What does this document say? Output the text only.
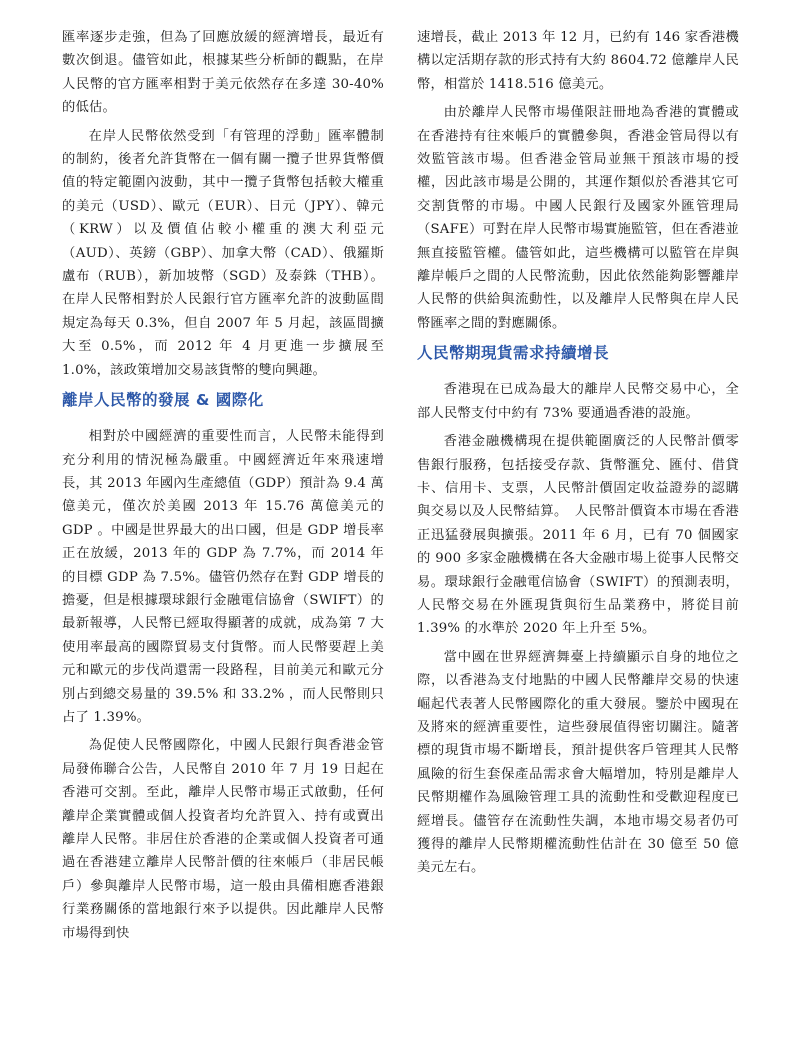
匯率逐步走強，但為了回應放緩的經濟增長，最近有數次倒退。儘管如此，根據某些分析師的觀點，在岸人民幣的官方匯率相對于美元依然存在多達 30-40% 的低估。

在岸人民幣依然受到「有管理的浮動」匯率體制的制約，後者允許貨幣在一個有關一攬子世界貨幣價值的特定範圍內波動，其中一攬子貨幣包括較大權重的美元（USD）、歐元（EUR）、日元（JPY）、韓元（KRW）以及價值佔較小權重的澳大利亞元（AUD）、英鎊（GBP）、加拿大幣（CAD）、俄羅斯盧布（RUB），新加坡幣（SGD）及泰銖（THB）。在岸人民幣相對於人民銀行官方匯率允許的波動區間規定為每天 0.3%，但自 2007 年 5 月起，該區間擴大至 0.5%，而 2012 年 4 月更進一步擴展至 1.0%，該政策增加交易該貨幣的雙向興趣。

離岸人民幣的發展 & 國際化

相對於中國經濟的重要性而言，人民幣未能得到充分利用的情況極為嚴重。中國經濟近年來飛速增長，其 2013 年國內生產總值（GDP）預計為 9.4 萬億美元，僅次於美國 2013 年 15.76 萬億美元的 GDP 。中國是世界最大的出口國，但是 GDP 增長率正在放緩，2013 年的 GDP 為 7.7%，而 2014 年的目標 GDP 為 7.5%。儘管仍然存在對 GDP 增長的擔憂，但是根據環球銀行金融電信協會（SWIFT）的最新報導，人民幣已經取得顯著的成就，成為第 7 大使用率最高的國際貿易支付貨幣。而人民幣要趕上美元和歐元的步伐尚還需一段路程，目前美元和歐元分別占到總交易量的 39.5% 和 33.2% ，而人民幣則只占了 1.39%。

為促使人民幣國際化，中國人民銀行與香港金管局發佈聯合公告，人民幣自 2010 年 7 月 19 日起在香港可交割。至此，離岸人民幣市場正式啟動，任何離岸企業實體或個人投資者均允許買入、持有或賣出離岸人民幣。非居住於香港的企業或個人投資者可通過在香港建立離岸人民幣計價的往來帳戶（非居民帳戶）參與離岸人民幣市場，這一般由具備相應香港銀行業務關係的當地銀行來予以提供。因此離岸人民幣市場得到快

速增長，截止 2013 年 12 月，已約有 146 家香港機構以定活期存款的形式持有大約 8604.72 億離岸人民幣，相當於 1418.516 億美元。

由於離岸人民幣市場僅限註冊地為香港的實體或在香港持有往來帳戶的實體參與，香港金管局得以有效監管該市場。但香港金管局並無干預該市場的授權，因此該市場是公開的，其運作類似於香港其它可交割貨幣的市場。中國人民銀行及國家外匯管理局（SAFE）可對在岸人民幣市場實施監管，但在香港並無直接監管權。儘管如此，這些機構可以監管在岸與離岸帳戶之間的人民幣流動，因此依然能夠影響離岸人民幣的供給與流動性，以及離岸人民幣與在岸人民幣匯率之間的對應關係。

人民幣期現貨需求持續增長

香港現在已成為最大的離岸人民幣交易中心，全部人民幣支付中約有 73% 要通過香港的設施。

香港金融機構現在提供範圍廣泛的人民幣計價零售銀行服務，包括接受存款、貨幣滙兌、匯付、借貸卡、信用卡、支票，人民幣計價固定收益證券的認購與交易以及人民幣結算。　人民幣計價資本市場在香港正迅猛發展與擴張。2011 年 6 月，已有 70 個國家的 900 多家金融機構在各大金融市場上從事人民幣交易。環球銀行金融電信協會（SWIFT）的預測表明，人民幣交易在外匯現貨與衍生品業務中，將從目前 1.39% 的水準於 2020 年上升至 5%。

當中國在世界經濟舞臺上持續顯示自身的地位之際，以香港為支付地點的中國人民幣離岸交易的快速崛起代表著人民幣國際化的重大發展。鑒於中國現在及將來的經濟重要性，這些發展值得密切關注。隨著標的現貨市場不斷增長，預計提供客戶管理其人民幣風險的衍生套保產品需求會大幅增加，特別是離岸人民幣期權作為風險管理工具的流動性和受歡迎程度已經增長。儘管存在流動性失調，本地市場交易者仍可獲得的離岸人民幣期權流動性估計在 30 億至 50 億美元左右。
